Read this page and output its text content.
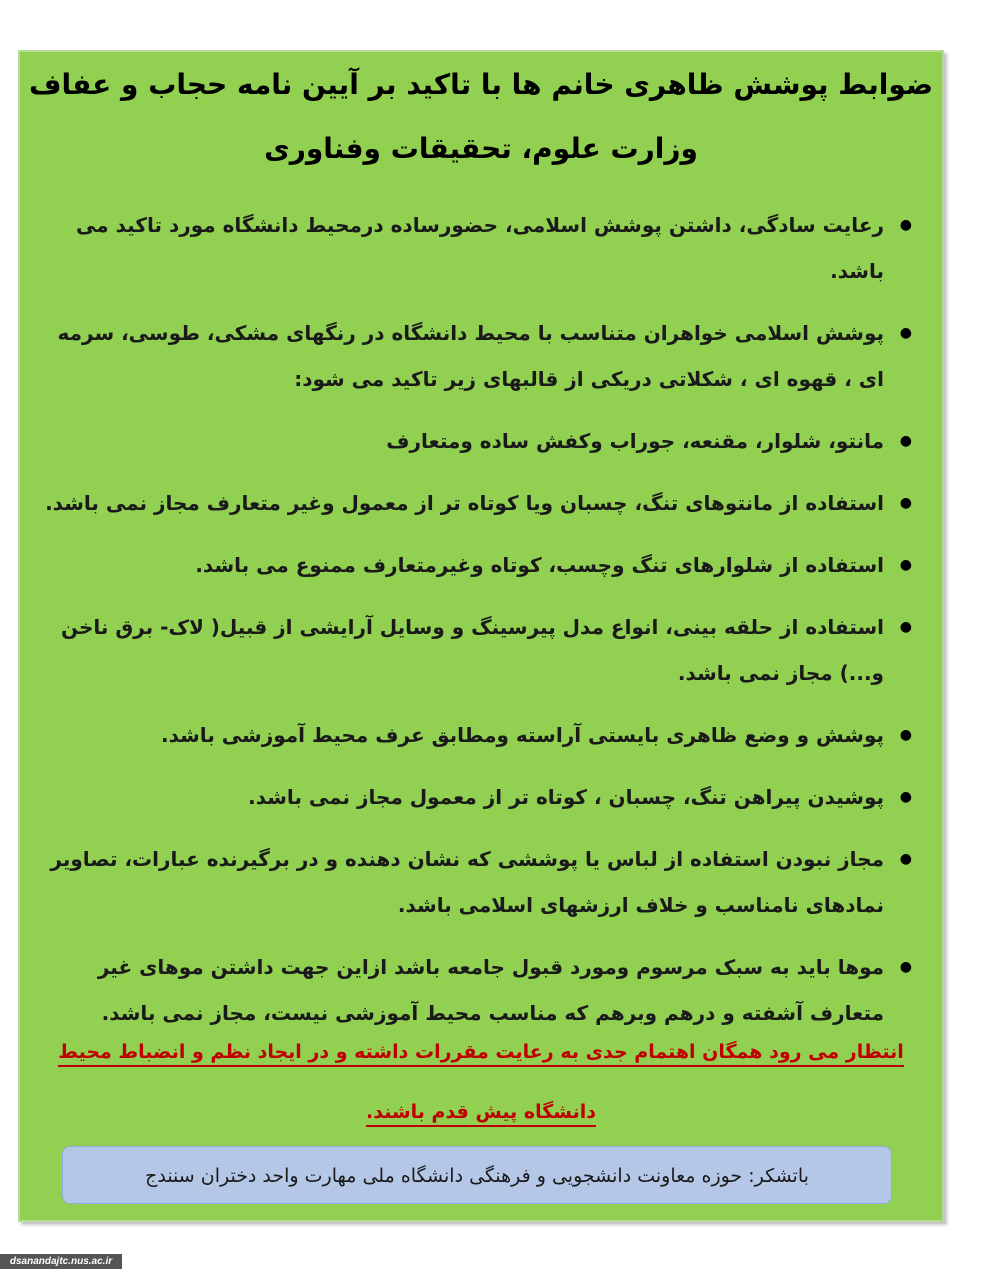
ضوابط پوشش ظاهری خانم ها با تاکید بر آیین نامه حجاب و عفاف
وزارت علوم، تحقیقات وفناوری
●
رعایت سادگی، داشتن پوشش اسلامی، حضورساده درمحیط دانشگاه مورد تاکید می باشد.
●
پوشش اسلامی خواهران متناسب با محیط دانشگاه در رنگهای مشکی، طوسی، سرمه ای ، قهوه ای ، شکلاتی دریکی از قالبهای زیر تاکید می شود:
●
مانتو، شلوار، مقنعه، جوراب وکفش ساده ومتعارف
●
استفاده از مانتوهای تنگ، چسبان ویا کوتاه تر از معمول وغیر متعارف مجاز نمی باشد.
●
استفاده از شلوارهای تنگ وچسب، کوتاه وغیرمتعارف ممنوع می باشد.
●
استفاده از حلقه بینی، انواع مدل پیرسینگ و وسایل آرایشی از قبیل( لاک- برق ناخن و...) مجاز نمی باشد.
●
پوشش و وضع ظاهری بایستی آراسته ومطابق عرف محیط آموزشی باشد.
●
پوشیدن پیراهن تنگ، چسبان ، کوتاه تر از معمول مجاز نمی باشد.
●
مجاز نبودن استفاده از لباس یا پوششی که نشان دهنده و در برگیرنده عبارات، تصاویر نمادهای نامناسب و خلاف ارزشهای اسلامی باشد.
●
موها باید به سبک مرسوم ومورد قبول جامعه باشد ازاین جهت داشتن موهای غیر متعارف آشفته و درهم وبرهم که مناسب محیط آموزشی نیست، مجاز نمی باشد.
انتظار می رود همگان اهتمام جدی به رعایت مقررات داشته و در ایجاد نظم و انضباط محیط دانشگاه پیش قدم باشند.
باتشکر: حوزه معاونت دانشجویی و فرهنگی دانشگاه ملی مهارت واحد دختران سنندج
dsanandajtc.nus.ac.ir
